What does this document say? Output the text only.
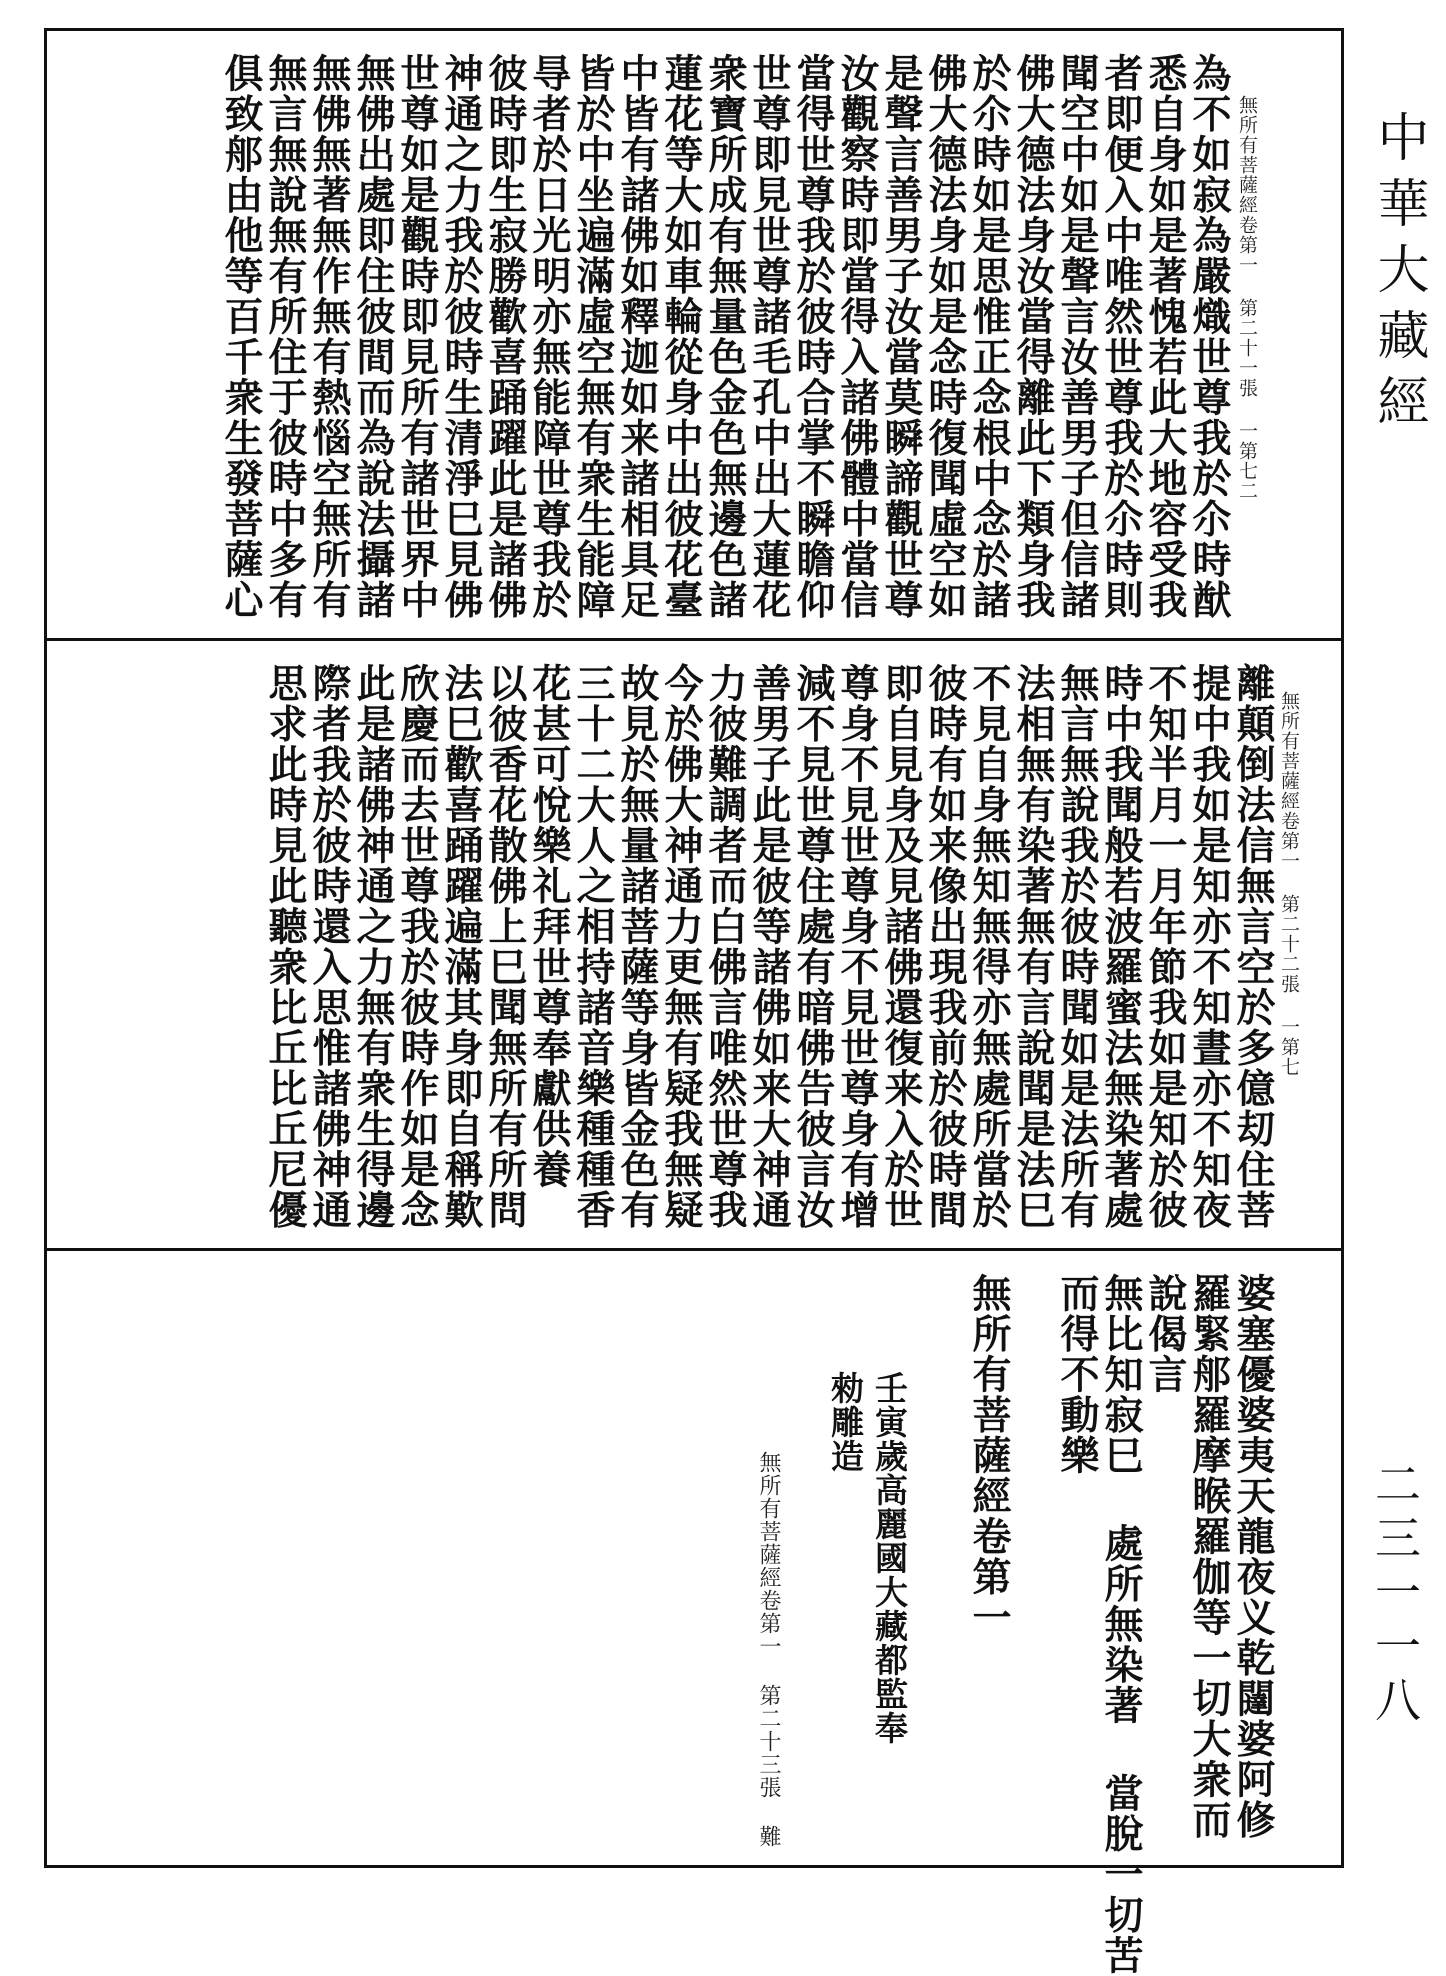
中華大藏經
二三一一八
無所有菩薩經卷第一 第二十一張 一第七二
為不如寂為嚴熾世尊我於尒時猷
悉自身如是著愧若此大地容受我
者即便入中唯然世尊我於尒時則
聞空中如是聲言汝善男子但信諸
佛大德法身汝當得離此下類身我
於尒時如是思惟正念根中念於諸
佛大德法身如是念時復聞虛空如
是聲言善男子汝當莫瞬諦觀世尊
汝觀察時即當得入諸佛體中當信
當得世尊我於彼時合掌不瞬瞻仰
世尊即見世尊諸毛孔中出大蓮花
衆寶所成有無量色金色無邊色諸
蓮花等大如車輪從身中出彼花臺
中皆有諸佛如釋迦如来諸相具足
皆於中坐遍滿虛空無有衆生能障
㝵者於日光明亦無能障世尊我於
彼時即生寂勝歡喜踊躍此是諸佛
神通之力我於彼時生清淨巳見佛
世尊如是觀時即見所有諸世界中
無佛出處即住彼間而為說法攝諸
無佛無著無作無有熱惱空無所有
無言無說無有所住于彼時中多有
俱致郍由他等百千衆生發菩薩心
無所有菩薩經卷第一 第二十二張 一第七
離顛倒法信無言空於多億刧住菩
提中我如是知亦不知晝亦不知夜
不知半月一月年節我如是知於彼
時中我聞般若波羅蜜法無染著處
無言無說我於彼時聞如是法所有
法相無有染著無有言說聞是法巳
不見自身無知無得亦無處所當於
彼時有如来像出現我前於彼時間
即自見身及見諸佛還復来入於世
尊身不見世尊身不見世尊身有增
減不見世尊住處有暗佛告彼言汝
善男子此是彼等諸佛如来大神通
力彼難調者而白佛言唯然世尊我
今於佛大神通力更無有疑我無疑
故見於無量諸菩薩等身皆金色有
三十二大人之相持諸音樂種種香
花甚可悅樂礼拜世尊奉獻供養
以彼香花散佛上巳聞無所有所問
法巳歡喜踊躍遍滿其身即自稱歎
欣慶而去世尊我於彼時作如是念
此是諸佛神通之力無有衆生得邊
際者我於彼時還入思惟諸佛神通
思求此時見此聽衆比丘比丘尼優
婆塞優婆夷天龍夜义乾闥婆阿修
羅緊郍羅摩睺羅伽等一切大衆而
說偈言
無比知寂巳 處所無染著 當脫一切苦
而得不動樂
無所有菩薩經卷第一
壬寅歲高麗國大藏都監奉
勑雕造
無所有菩薩經卷第一 第二十三張 難
